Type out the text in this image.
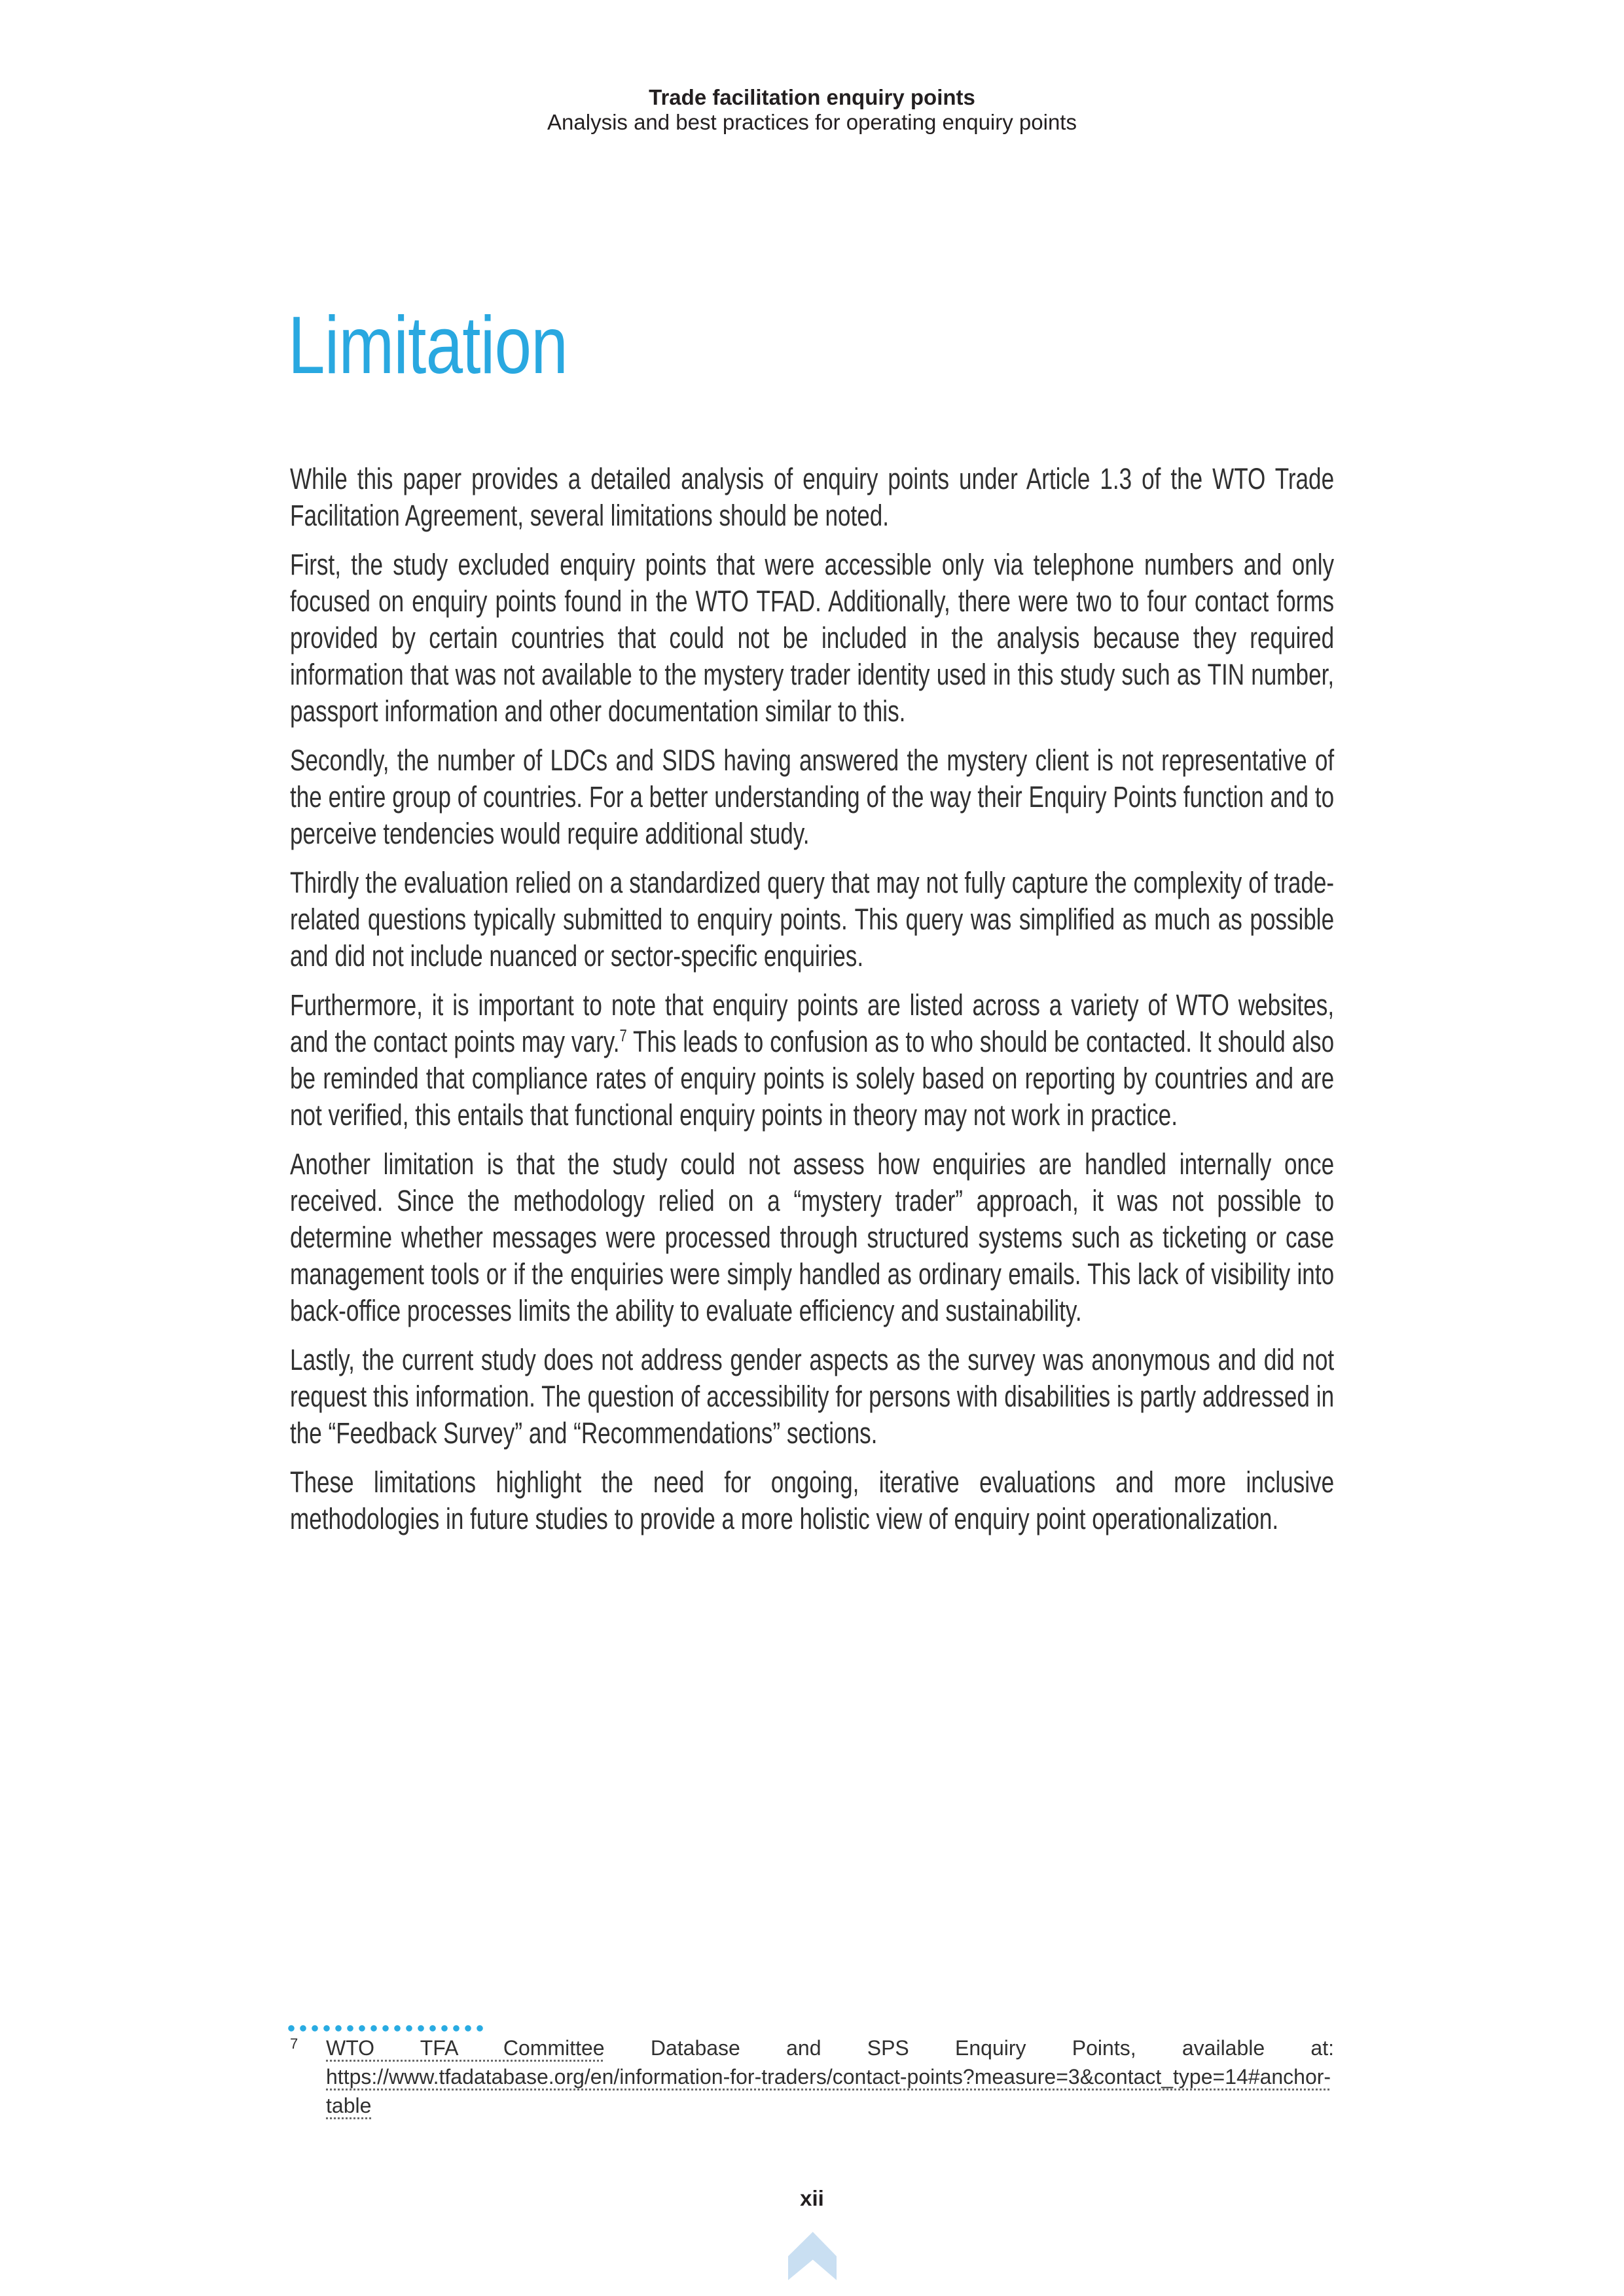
Trade facilitation enquiry points
Analysis and best practices for operating enquiry points
Limitation

While this paper provides a detailed analysis of enquiry points under Article 1.3 of the WTO Trade Facilitation Agreement, several limitations should be noted.

First, the study excluded enquiry points that were accessible only via telephone numbers and only focused on enquiry points found in the WTO TFAD. Additionally, there were two to four contact forms provided by certain countries that could not be included in the analysis because they required information that was not available to the mystery trader identity used in this study such as TIN number, passport information and other documentation similar to this.

Secondly, the number of LDCs and SIDS having answered the mystery client is not representative of the entire group of countries. For a better understanding of the way their Enquiry Points function and to perceive tendencies would require additional study.

Thirdly the evaluation relied on a standardized query that may not fully capture the complexity of trade-related questions typically submitted to enquiry points. This query was simplified as much as possible and did not include nuanced or sector-specific enquiries.

Furthermore, it is important to note that enquiry points are listed across a variety of WTO websites, and the contact points may vary.$^7$ This leads to confusion as to who should be contacted. It should also be reminded that compliance rates of enquiry points is solely based on reporting by countries and are not verified, this entails that functional enquiry points in theory may not work in practice.

Another limitation is that the study could not assess how enquiries are handled internally once received. Since the methodology relied on a “mystery trader” approach, it was not possible to determine whether messages were processed through structured systems such as ticketing or case management tools or if the enquiries were simply handled as ordinary emails. This lack of visibility into back-office processes limits the ability to evaluate efficiency and sustainability.

Lastly, the current study does not address gender aspects as the survey was anonymous and did not request this information. The question of accessibility for persons with disabilities is partly addressed in the “Feedback Survey” and “Recommendations” sections.

These limitations highlight the need for ongoing, iterative evaluations and more inclusive methodologies in future studies to provide a more holistic view of enquiry point operationalization.

7	WTO TFA Committee Database and SPS Enquiry Points, available at: https://www.tfadatabase.org/en/information-for-traders/contact-points?measure=3&contact_type=14#anchor-table
xii
